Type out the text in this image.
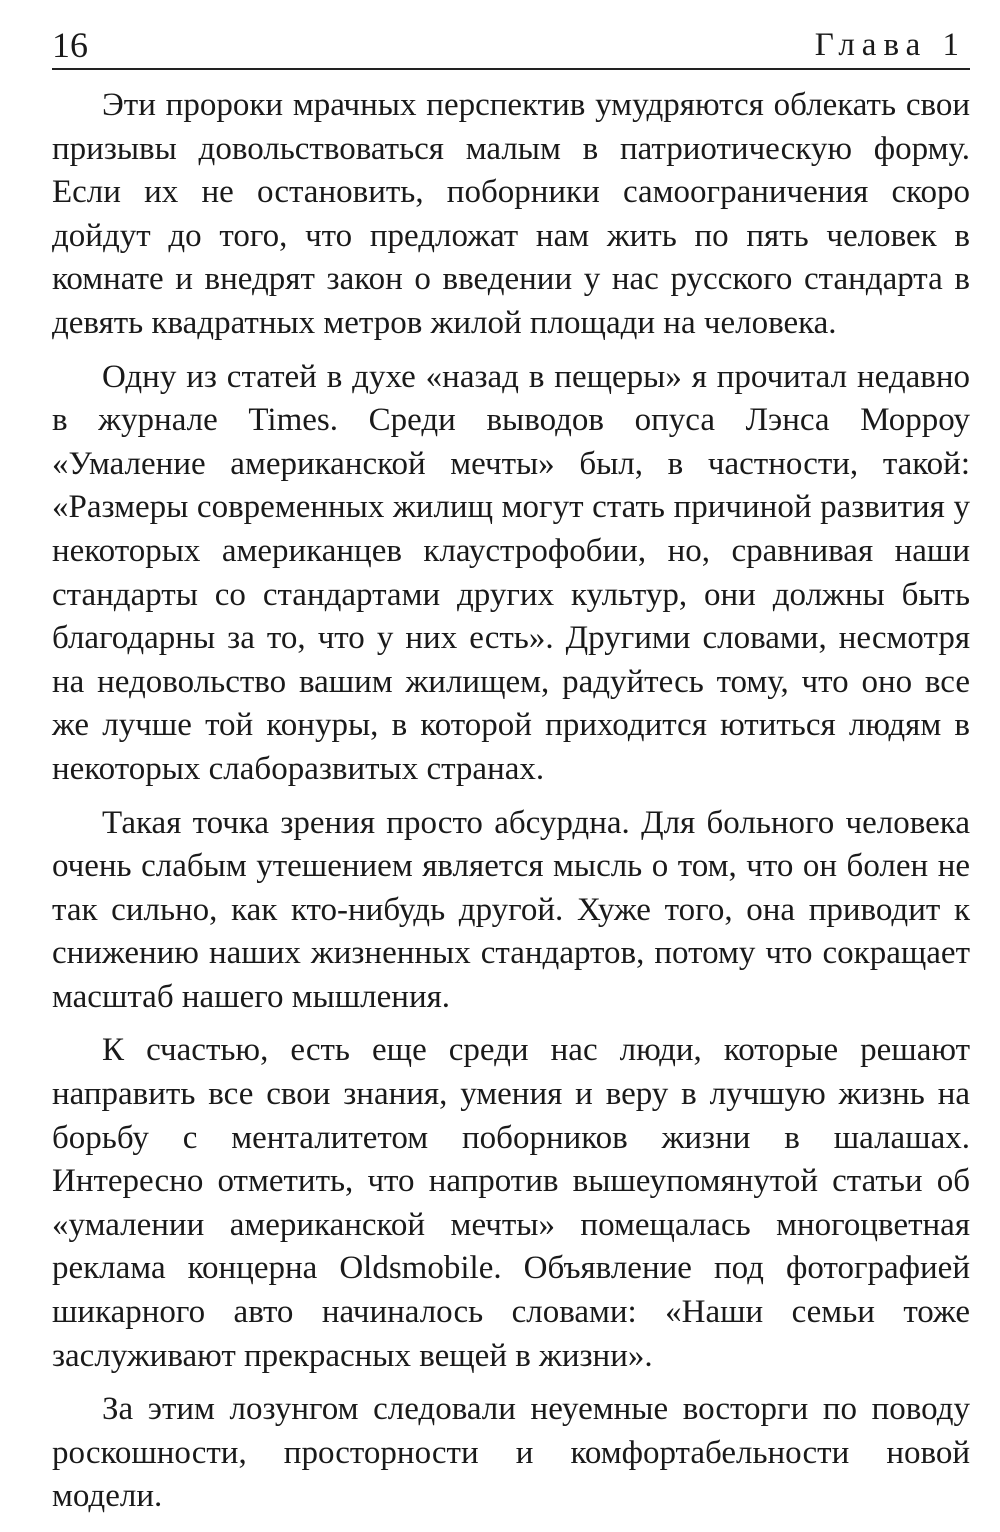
16	Глава 1

Эти пророки мрачных перспектив умудряются облекать свои призывы довольствоваться малым в патриотическую форму. Если их не остановить, поборники самоограничения скоро дойдут до того, что предложат нам жить по пять человек в комнате и внедрят закон о введении у нас русского стандарта в девять квадратных метров жилой площади на человека.

Одну из статей в духе «назад в пещеры» я прочитал недавно в журнале Times. Среди выводов опуса Лэнса Морроу «Умаление американской мечты» был, в частности, такой: «Размеры современных жилищ могут стать причиной развития у некоторых американцев клаустрофобии, но, сравнивая наши стандарты со стандартами других культур, они должны быть благодарны за то, что у них есть». Другими словами, несмотря на недовольство вашим жилищем, радуйтесь тому, что оно все же лучше той конуры, в которой приходится ютиться людям в некоторых слаборазвитых странах.

Такая точка зрения просто абсурдна. Для больного человека очень слабым утешением является мысль о том, что он болен не так сильно, как кто-нибудь другой. Хуже того, она приводит к снижению наших жизненных стандартов, потому что сокращает масштаб нашего мышления.

К счастью, есть еще среди нас люди, которые решают направить все свои знания, умения и веру в лучшую жизнь на борьбу с менталитетом поборников жизни в шалашах. Интересно отметить, что напротив вышеупомянутой статьи об «умалении американской мечты» помещалась многоцветная реклама концерна Oldsmobile. Объявление под фотографией шикарного авто начиналось словами: «Наши семьи тоже заслуживают прекрасных вещей в жизни».

За этим лозунгом следовали неуемные восторги по поводу роскошности, просторности и комфортабельности новой модели.
